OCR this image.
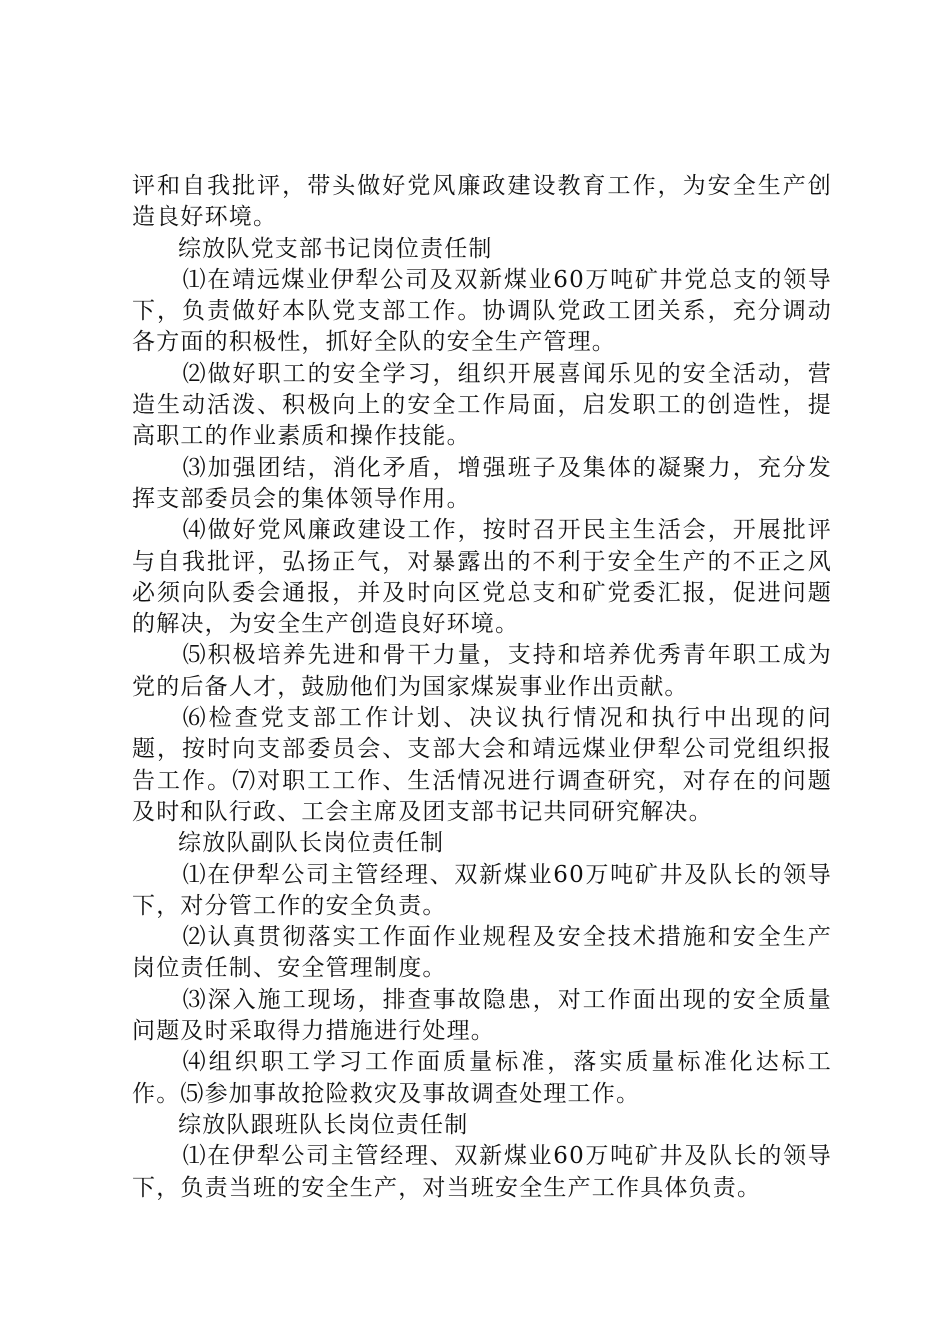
评和自我批评，带头做好党风廉政建设教育工作，为安全生产创造良好环境。

综放队党支部书记岗位责任制

⑴在靖远煤业伊犁公司及双新煤业60万吨矿井党总支的领导下，负责做好本队党支部工作。协调队党政工团关系，充分调动各方面的积极性，抓好全队的安全生产管理。

⑵做好职工的安全学习，组织开展喜闻乐见的安全活动，营造生动活泼、积极向上的安全工作局面，启发职工的创造性，提高职工的作业素质和操作技能。

⑶加强团结，消化矛盾，增强班子及集体的凝聚力，充分发挥支部委员会的集体领导作用。

⑷做好党风廉政建设工作，按时召开民主生活会，开展批评与自我批评，弘扬正气，对暴露出的不利于安全生产的不正之风必须向队委会通报，并及时向区党总支和矿党委汇报，促进问题的解决，为安全生产创造良好环境。

⑸积极培养先进和骨干力量，支持和培养优秀青年职工成为党的后备人才，鼓励他们为国家煤炭事业作出贡献。

⑹检查党支部工作计划、决议执行情况和执行中出现的问题，按时向支部委员会、支部大会和靖远煤业伊犁公司党组织报告工作。⑺对职工工作、生活情况进行调查研究，对存在的问题及时和队行政、工会主席及团支部书记共同研究解决。

综放队副队长岗位责任制

⑴在伊犁公司主管经理、双新煤业60万吨矿井及队长的领导下，对分管工作的安全负责。

⑵认真贯彻落实工作面作业规程及安全技术措施和安全生产岗位责任制、安全管理制度。

⑶深入施工现场，排查事故隐患，对工作面出现的安全质量问题及时采取得力措施进行处理。

⑷组织职工学习工作面质量标准，落实质量标准化达标工作。⑸参加事故抢险救灾及事故调查处理工作。

综放队跟班队长岗位责任制

⑴在伊犁公司主管经理、双新煤业60万吨矿井及队长的领导下，负责当班的安全生产，对当班安全生产工作具体负责。
